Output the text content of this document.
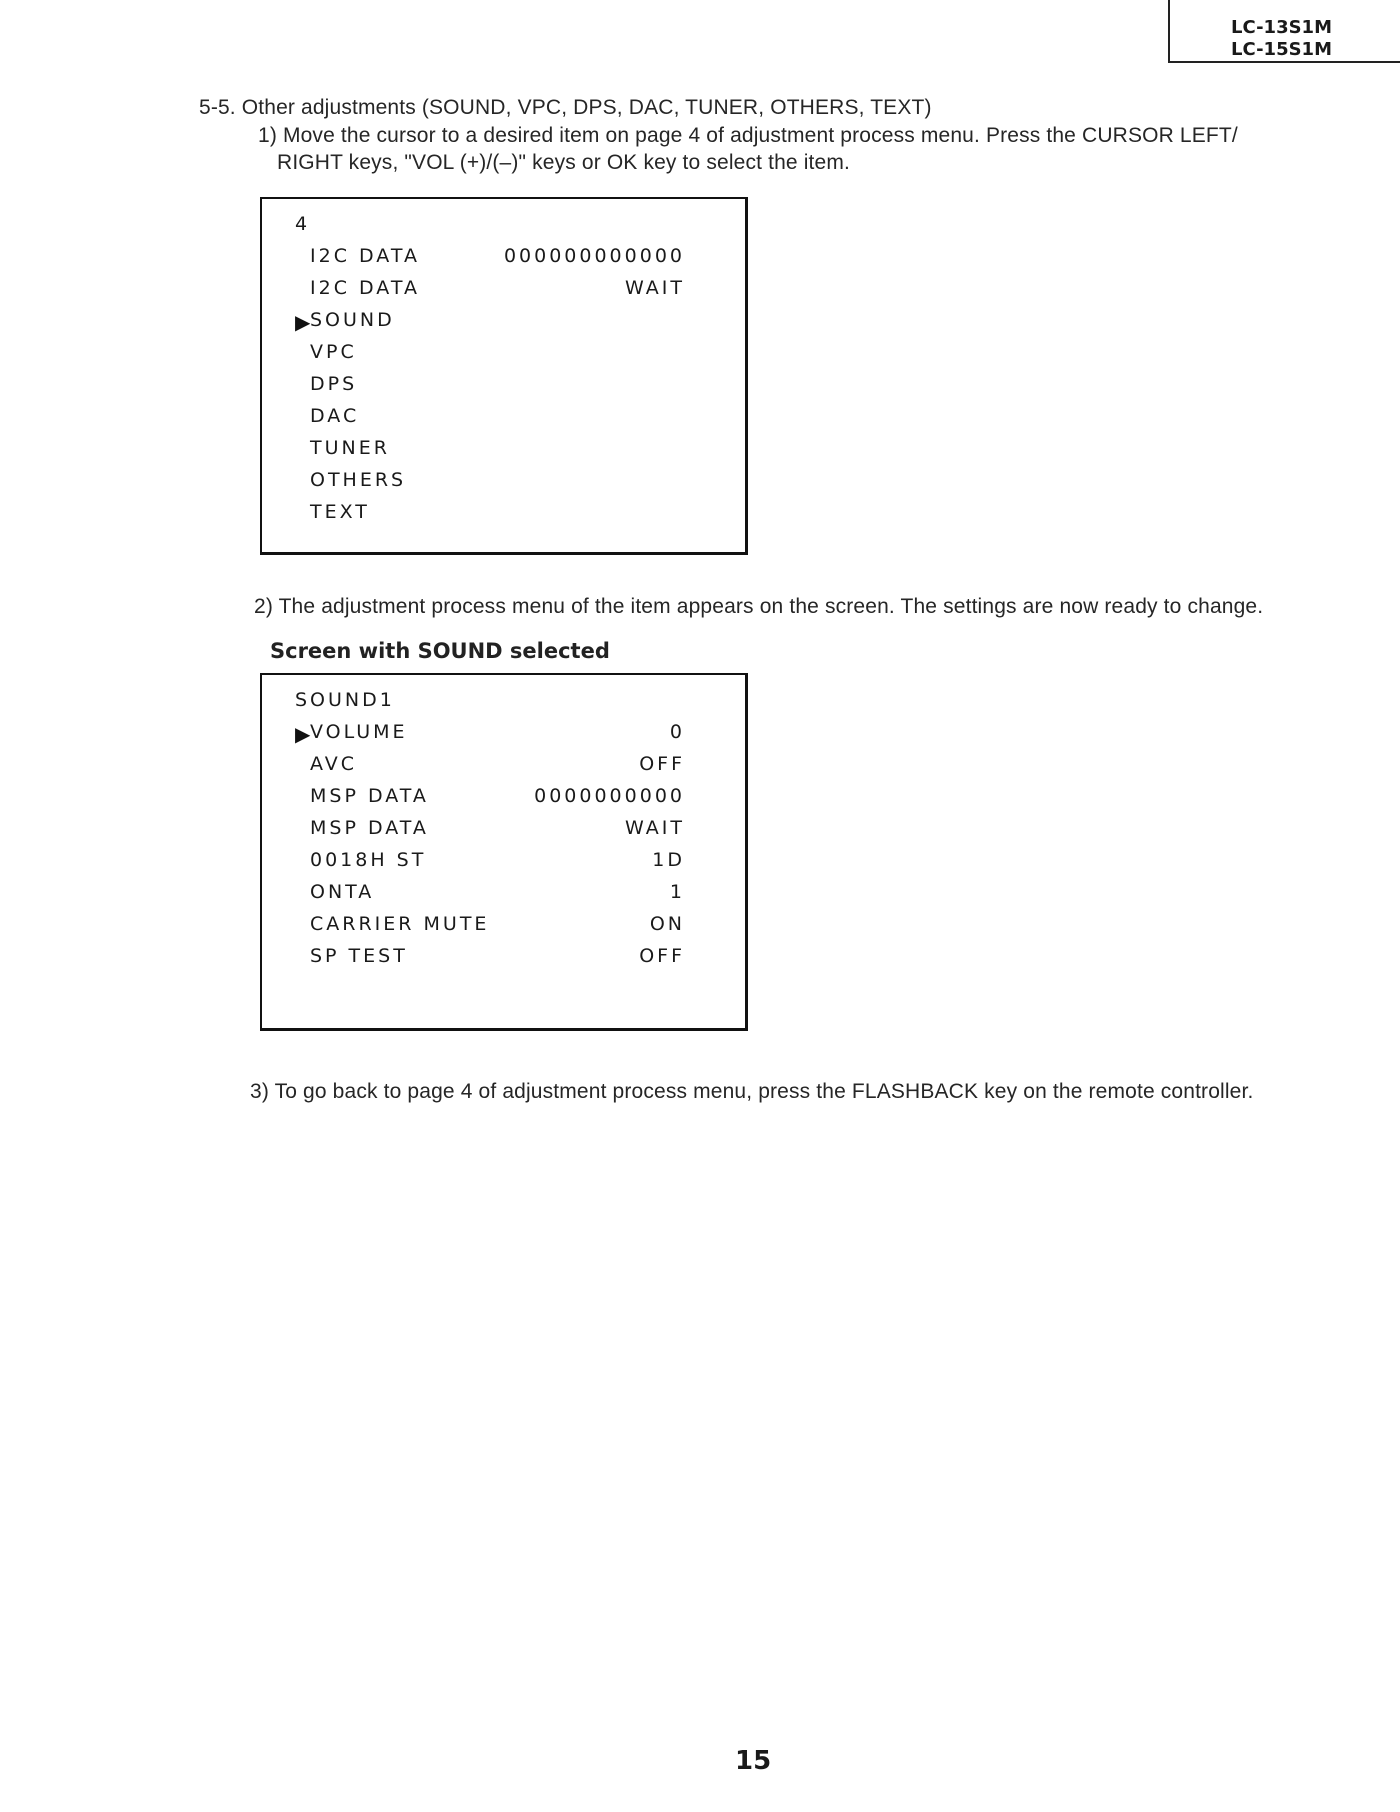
LC-13S1M
LC-15S1M
5-5. Other adjustments (SOUND, VPC, DPS, DAC, TUNER, OTHERS, TEXT)
1) Move the cursor to a desired item on page 4 of adjustment process menu. Press the CURSOR LEFT/
RIGHT keys, "VOL (+)/(–)" keys or OK key to select the item.
4
I2C DATA	000000000000
I2C DATA	WAIT
▶ SOUND
VPC
DPS
DAC
TUNER
OTHERS
TEXT
2) The adjustment process menu of the item appears on the screen. The settings are now ready to change.
Screen with SOUND selected
SOUND1
▶ VOLUME	0
AVC	OFF
MSP DATA	0000000000
MSP DATA	WAIT
0018H ST	1D
ONTA	1
CARRIER MUTE	ON
SP TEST	OFF
3) To go back to page 4 of adjustment process menu, press the FLASHBACK key on the remote controller.
15
